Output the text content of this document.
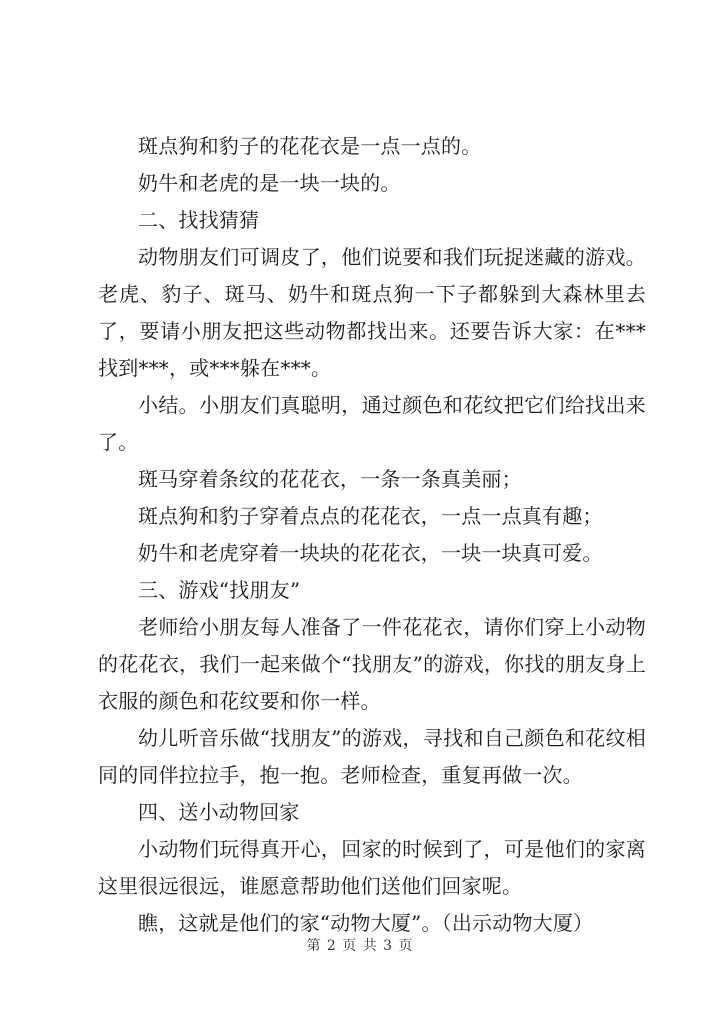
斑点狗和豹子的花花衣是一点一点的。

奶牛和老虎的是一块一块的。

二、找找猜猜

动物朋友们可调皮了，他们说要和我们玩捉迷藏的游戏。老虎、豹子、斑马、奶牛和斑点狗一下子都躲到大森林里去了，要请小朋友把这些动物都找出来。还要告诉大家：在***找到***，或***躲在***。

小结。小朋友们真聪明，通过颜色和花纹把它们给找出来了。

斑马穿着条纹的花花衣，一条一条真美丽；

斑点狗和豹子穿着点点的花花衣，一点一点真有趣；

奶牛和老虎穿着一块块的花花衣，一块一块真可爱。

三、游戏“找朋友”

老师给小朋友每人准备了一件花花衣，请你们穿上小动物的花花衣，我们一起来做个“找朋友”的游戏，你找的朋友身上衣服的颜色和花纹要和你一样。

幼儿听音乐做“找朋友”的游戏，寻找和自己颜色和花纹相同的同伴拉拉手，抱一抱。老师检查，重复再做一次。

四、送小动物回家

小动物们玩得真开心，回家的时候到了，可是他们的家离这里很远很远，谁愿意帮助他们送他们回家呢。

瞧，这就是他们的家“动物大厦”。（出示动物大厦）

第 2 页 共 3 页
